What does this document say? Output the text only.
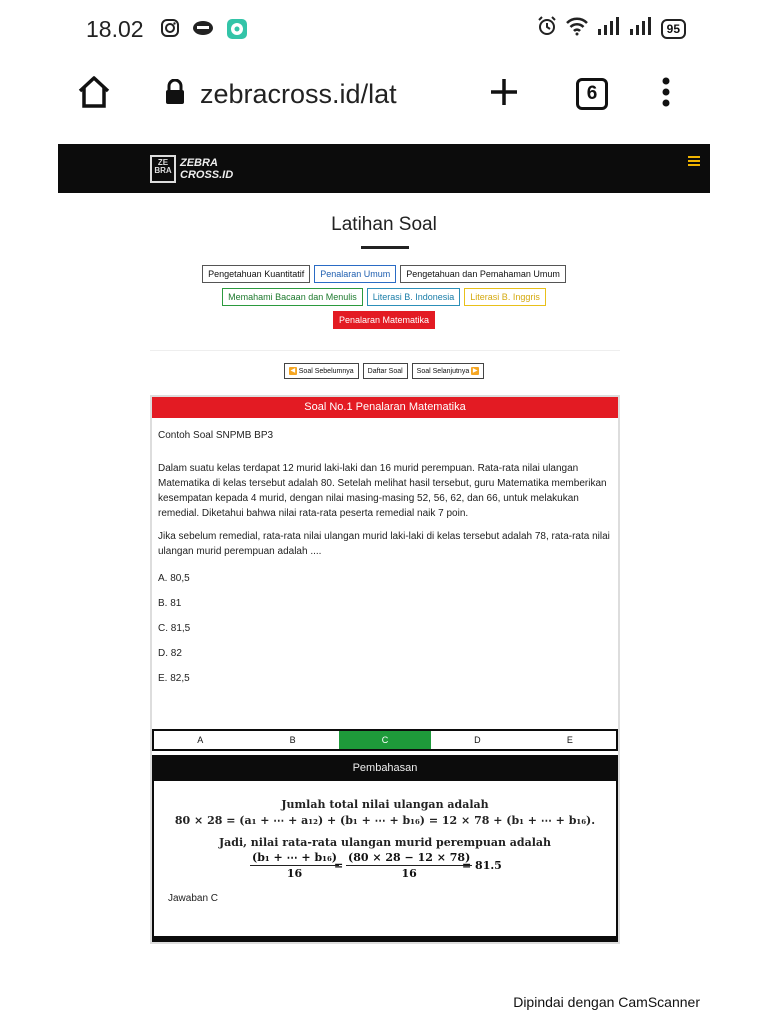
18.02	95
zebracross.id/lat	6
ZE
BRA
ZEBRA
CROSS.ID
Latihan Soal
Pengetahuan Kuantitatif	Penalaran Umum	Pengetahuan dan Pemahaman Umum
Memahami Bacaan dan Menulis	Literasi B. Indonesia	Literasi B. Inggris
Penalaran Matematika
◀ Soal Sebelumnya Daftar Soal Soal Selanjutnya ▶
Soal No.1 Penalaran Matematika
Contoh Soal SNPMB BP3
Dalam suatu kelas terdapat 12 murid laki-laki dan 16 murid perempuan. Rata-rata nilai ulangan Matematika di kelas tersebut adalah 80. Setelah melihat hasil tersebut, guru Matematika memberikan kesempatan kepada 4 murid, dengan nilai masing-masing 52, 56, 62, dan 66, untuk melakukan remedial. Diketahui bahwa nilai rata-rata peserta remedial naik 7 poin.
Jika sebelum remedial, rata-rata nilai ulangan murid laki-laki di kelas tersebut adalah 78, rata-rata nilai ulangan murid perempuan adalah ....
A. 80,5
B. 81
C. 81,5
D. 82
E. 82,5
A	B	C	D	E
Pembahasan
Jumlah total nilai ulangan adalah
80 × 28 = (a₁ + ⋯ + a₁₂) + (b₁ + ⋯ + b₁₆) = 12 × 78 + (b₁ + ⋯ + b₁₆).
Jadi, nilai rata-rata ulangan murid perempuan adalah
$\frac{\text{(b₁ + ⋯ + b₁₆)}}{16}$
= $\frac{(80 \times 28 - 12 \times 78)}{16}$
= 81.5
Jawaban C
Dipindai dengan CamScanner
